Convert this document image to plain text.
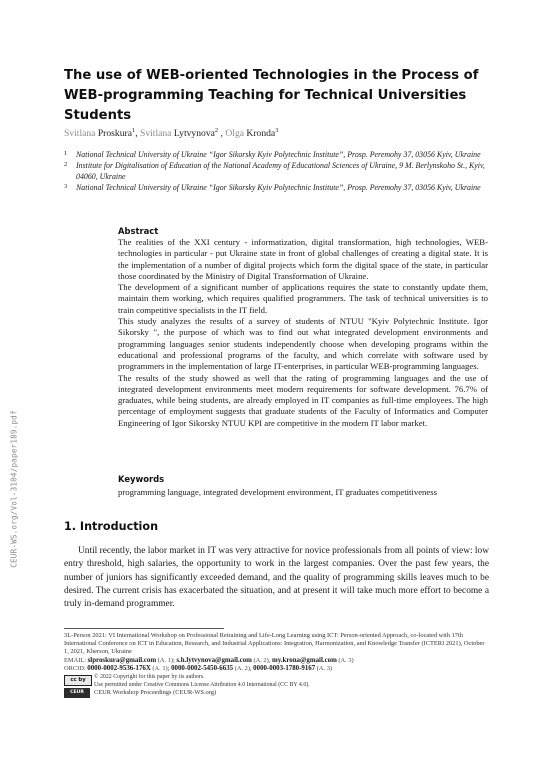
The use of WEB-oriented Technologies in the Process of WEB-programming Teaching for Technical Universities Students
Svitlana Proskura$^1$, Svitlana Lytvynova$^2$ , Olga Kronda$^3$
1 National Technical University of Ukraine “Igor Sikorsky Kyiv Polytechnic Institute”, Prosp. Peremohy 37, 03056 Kyiv, Ukraine
2 Institute for Digitalisation of Education of the National Academy of Educational Sciences of Ukraine, 9 M. Berlynskoho St., Kyiv, 04060, Ukraine
3 National Technical University of Ukraine “Igor Sikorsky Kyiv Polytechnic Institute”, Prosp. Peremohy 37, 03056 Kyiv, Ukraine
Abstract

The realities of the XXI century - informatization, digital transformation, high technologies, WEB-technologies in particular - put Ukraine state in front of global challenges of creating a digital state. It is the implementation of a number of digital projects which form the digital space of the state, in particular those coordinated by the Ministry of Digital Transformation of Ukraine.

The development of a significant number of applications requires the state to constantly update them, maintain them working, which requires qualified programmers. The task of technical universities is to train competitive specialists in the IT field.

This study analyzes the results of a survey of students of NTUU "Kyiv Polytechnic Institute. Igor Sikorsky ", the purpose of which was to find out what integrated development environments and programming languages senior students independently choose when developing programs within the educational and professional programs of the faculty, and which correlate with software used by programmers in the implementation of large IT-enterprises, in particular WEB-programming languages.

The results of the study showed as well that the rating of programming languages and the use of integrated development environments meet modern requirements for software development. 76.7% of graduates, while being students, are already employed in IT companies as full-time employees. The high percentage of employment suggests that graduate students of the Faculty of Informatics and Computer Engineering of Igor Sikorsky NTUU KPI are competitive in the modern IT labor market.

Keywords
programming language, integrated development environment, IT graduates competitiveness
CEUR-WS.org/Vol-3104/paper189.pdf	1. Introduction

Until recently, the labor market in IT was very attractive for novice professionals from all points of view: low entry threshold, high salaries, the opportunity to work in the largest companies. Over the past few years, the number of juniors has significantly exceeded demand, and the quality of programming skills leaves much to be desired. The current crisis has exacerbated the situation, and at present it will take much more effort to become a truly in-demand programmer.

3L-Person 2021: VI International Workshop on Professional Retraining and Life-Long Learning using ICT: Person-oriented Approach, co-located with 17th International Conference on ICT in Education, Research, and Industrial Applications: Integration, Harmonization, and Knowledge Transfer (ICTERI 2021), October 1, 2021, Kherson, Ukraine

EMAIL: slproskura@gmail.com (A. 1); s.h.lytvynova@gmail.com (A. 2), my.krona@gmail.com (A. 3)

ORCID: 0000-0002-9536-176X (A. 1); 0000-0002-5450-6635 (A. 2), 0000-0003-1780-9167 (A. 3)

cc by
CEUR
© 2022 Copyright for this paper by its authors.
Use permitted under Creative Commons License Attribution 4.0 International (CC BY 4.0).
CEUR Workshop Proceedings (CEUR-WS.org)
